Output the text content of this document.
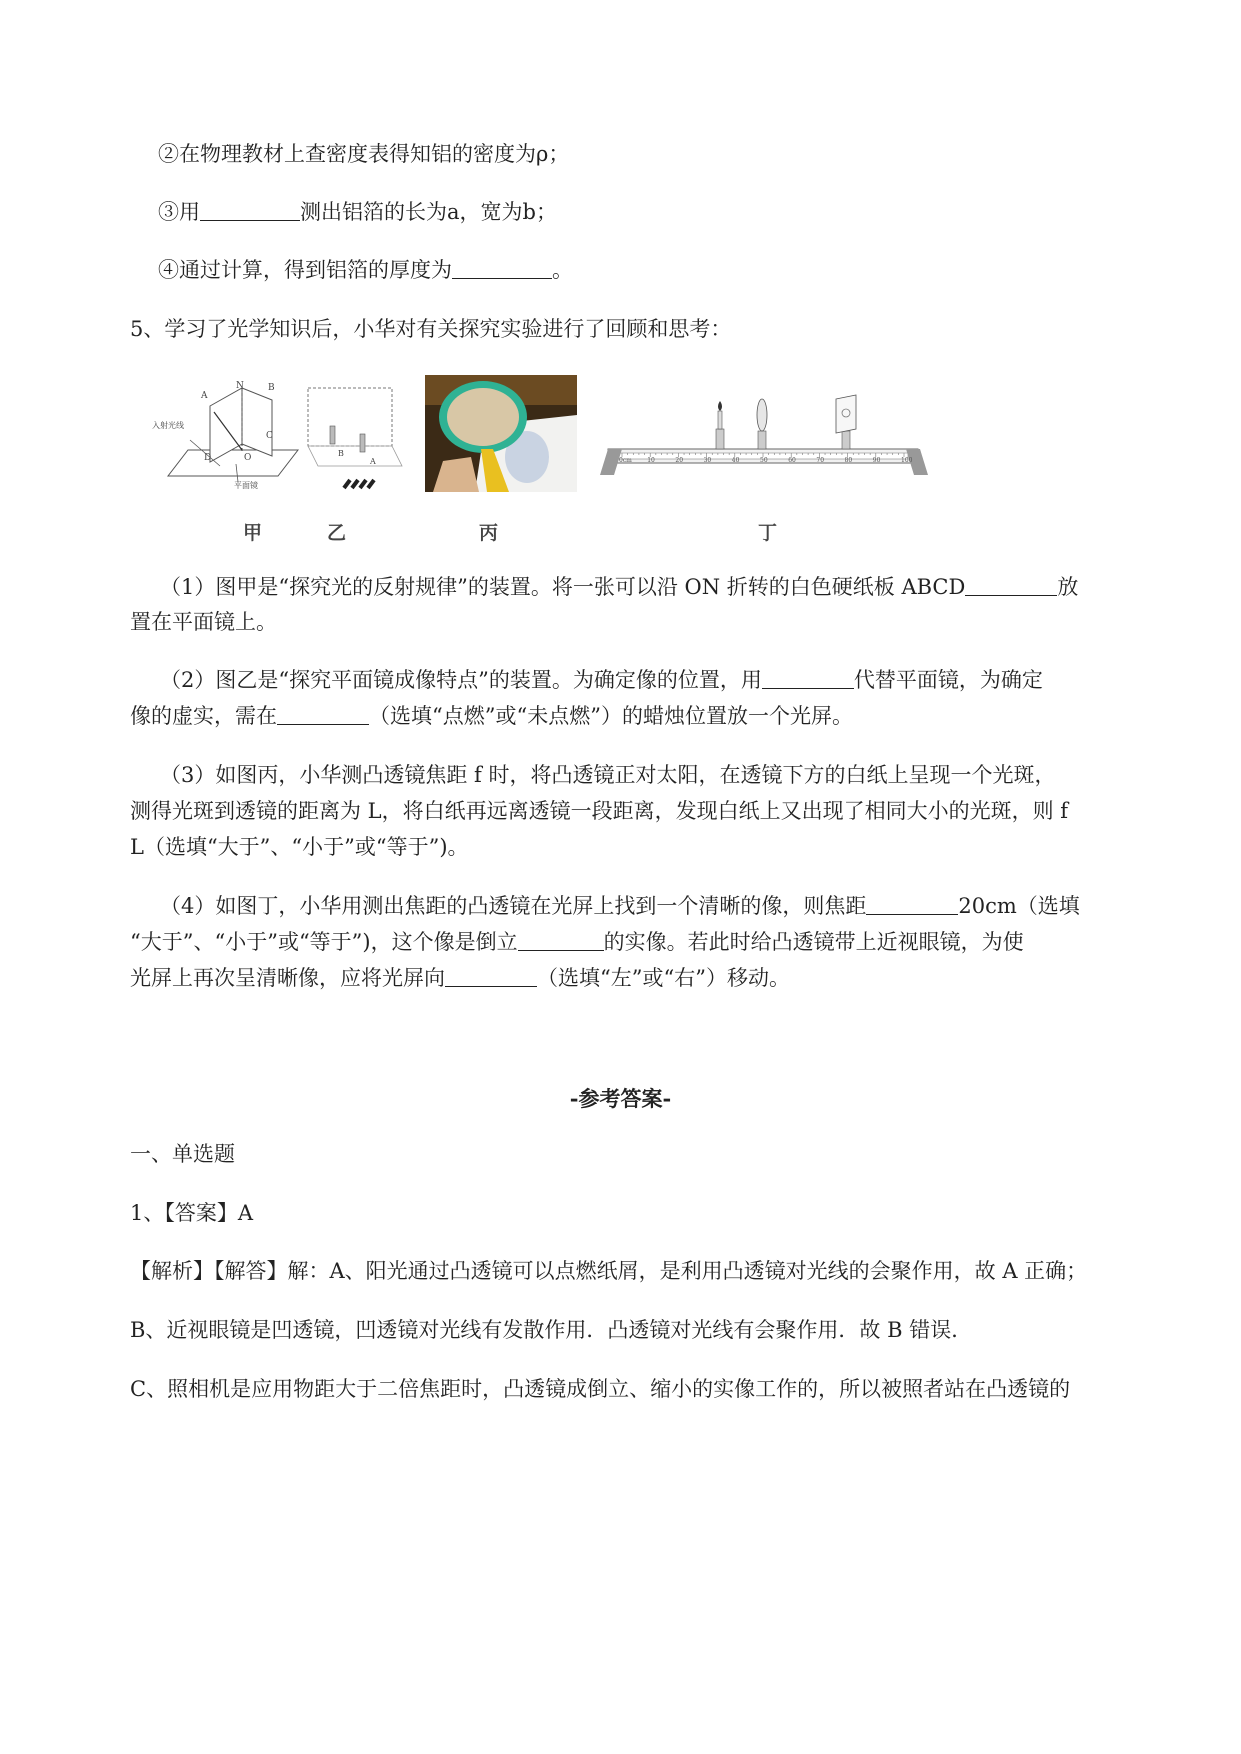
②在物理教材上查密度表得知铝的密度为ρ；
③用	测出铝箔的长为a，宽为b；
④通过计算，得到铝箔的厚度为	。
5、学习了光学知识后，小华对有关探究实验进行了回顾和思考：
A
N	B
入射光线
D	O
C
平面镜
B
A	0cm	10	20	30	40	50	60	70	80	90	100
甲	乙	丙	丁
（1）图甲是“探究光的反射规律”的装置。将一张可以沿 ON 折转的白色硬纸板 ABCD	放
置在平面镜上。
（2）图乙是“探究平面镜成像特点”的装置。为确定像的位置，用	代替平面镜，为确定
像的虚实，需在	（选填“点燃”或“未点燃”）的蜡烛位置放一个光屏。
（3）如图丙，小华测凸透镜焦距 f 时，将凸透镜正对太阳，在透镜下方的白纸上呈现一个光斑，
测得光斑到透镜的距离为 L，将白纸再远离透镜一段距离，发现白纸上又出现了相同大小的光斑，则 f
L（选填“大于”、“小于”或“等于”)。
（4）如图丁，小华用测出焦距的凸透镜在光屏上找到一个清晰的像，则焦距	20cm（选填
“大于”、“小于”或“等于”)，这个像是倒立	的实像。若此时给凸透镜带上近视眼镜，为使
光屏上再次呈清晰像，应将光屏向	（选填“左”或“右”）移动。
-参考答案-
一、单选题
1、【答案】A
【解析】【解答】解：A、阳光通过凸透镜可以点燃纸屑，是利用凸透镜对光线的会聚作用，故 A 正确；
B、近视眼镜是凹透镜，凹透镜对光线有发散作用．凸透镜对光线有会聚作用．故 B 错误．
C、照相机是应用物距大于二倍焦距时，凸透镜成倒立、缩小的实像工作的，所以被照者站在凸透镜的
